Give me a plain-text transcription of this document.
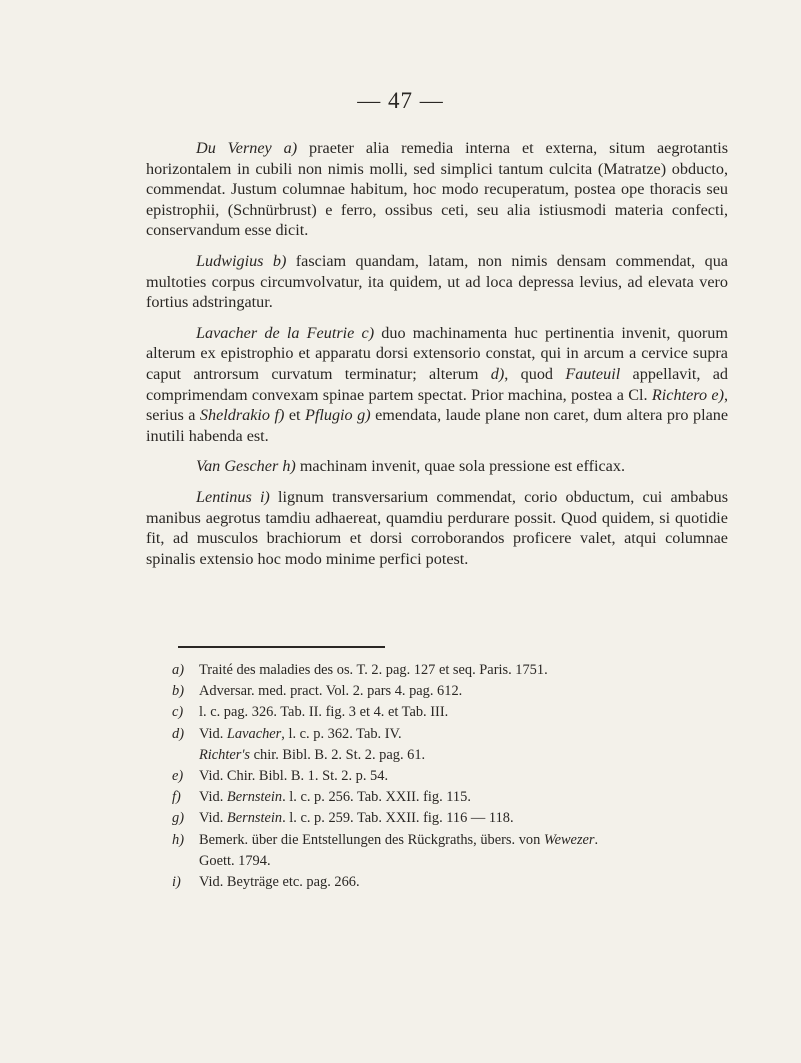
— 47 —

Du Verney a) praeter alia remedia interna et externa, situm aegrotantis horizontalem in cubili non nimis molli, sed simplici tantum culcita (Matratze) obducto, commendat. Justum columnae habitum, hoc modo recuperatum, postea ope thoracis seu epistrophii, (Schnürbrust) e ferro, ossibus ceti, seu alia istiusmodi materia confecti, conservandum esse dicit.

Ludwigius b) fasciam quandam, latam, non nimis densam commendat, qua multoties corpus circumvolvatur, ita quidem, ut ad loca depressa levius, ad elevata vero fortius adstringatur.

Lavacher de la Feutrie c) duo machinamenta huc pertinentia invenit, quorum alterum ex epistrophio et apparatu dorsi extensorio constat, qui in arcum a cervice supra caput antrorsum curvatum terminatur; alterum d), quod Fauteuil appellavit, ad comprimendam convexam spinae partem spectat. Prior machina, postea a Cl. Richtero e), serius a Sheldrakio f) et Pflugio g) emendata, laude plane non caret, dum altera pro plane inutili habenda est.

Van Gescher h) machinam invenit, quae sola pressione est efficax.

Lentinus i) lignum transversarium commendat, corio obductum, cui ambabus manibus aegrotus tamdiu adhaereat, quamdiu perdurare possit. Quod quidem, si quotidie fit, ad musculos brachiorum et dorsi corroborandos proficere valet, atqui columnae spinalis extensio hoc modo minime perfici potest.

a)	Traité des maladies des os. T. 2. pag. 127 et seq. Paris. 1751.
b)	Adversar. med. pract. Vol. 2. pars 4. pag. 612.
c)	l. c. pag. 326. Tab. II. fig. 3 et 4. et Tab. III.
d)	Vid. Lavacher, l. c. p. 362. Tab. IV.
Richter's chir. Bibl. B. 2. St. 2. pag. 61.
e)	Vid. Chir. Bibl. B. 1. St. 2. p. 54.
f)	Vid. Bernstein. l. c. p. 256. Tab. XXII. fig. 115.
g)	Vid. Bernstein. l. c. p. 259. Tab. XXII. fig. 116 — 118.
h)	Bemerk. über die Entstellungen des Rückgraths, übers. von Wewezer.
Goett. 1794.
i)	Vid. Beyträge etc. pag. 266.
